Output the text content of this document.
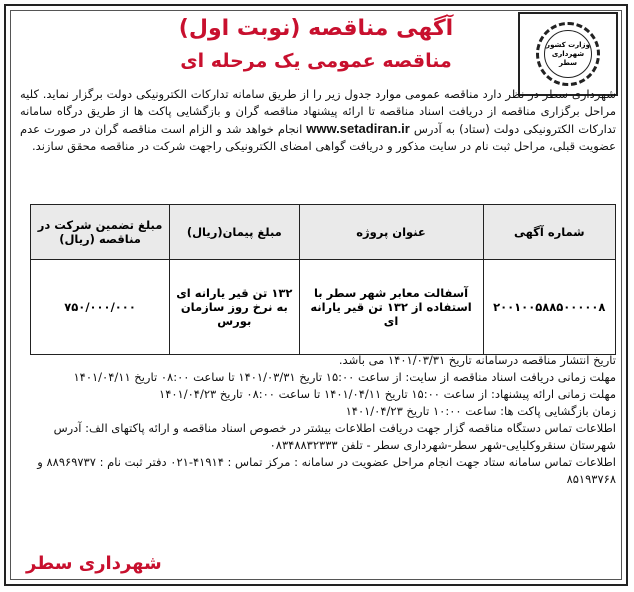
وزارت کشور
شهرداری سطر
آگهی مناقصه (نوبت اول)
مناقصه عمومی یک مرحله ای

شهرداری سطر در نظر دارد مناقصه عمومی موارد جدول زیر را از طریق سامانه تدارکات الکترونیکی دولت برگزار نماید. کلیه مراحل برگزاری مناقصه از دریافت اسناد مناقصه تا ارائه پیشنهاد مناقصه گران و بازگشایی پاکت ها از طریق درگاه سامانه تدارکات الکترونیکی دولت (ستاد) به آدرس www.setadiran.ir انجام خواهد شد و الزام است مناقصه گران در صورت عدم عضویت قبلی، مراحل ثبت نام در سایت مذکور و دریافت گواهی امضای الکترونیکی راجهت شرکت در مناقصه محقق سازند.

شماره آگهی	عنوان پروژه	مبلغ پیمان(ریال)	مبلغ تضمین شرکت در مناقصه (ریال)
۲۰۰۱۰۰۵۸۸۵۰۰۰۰۰۸	آسفالت معابر شهر سطر با استفاده از ۱۳۲ تن قیر یارانه ای	۱۳۲ تن قیر یارانه ای به نرخ روز سازمان بورس	۷۵۰/۰۰۰/۰۰۰
تاریخ انتشار مناقصه درسامانه تاریخ ۱۴۰۱/۰۳/۳۱ می باشد.
مهلت زمانی دریافت اسناد مناقصه از سایت: از ساعت ۱۵:۰۰ تاریخ ۱۴۰۱/۰۳/۳۱ تا ساعت ۰۸:۰۰ تاریخ ۱۴۰۱/۰۴/۱۱
مهلت زمانی ارائه پیشنهاد: از ساعت ۱۵:۰۰ تاریخ ۱۴۰۱/۰۴/۱۱ تا ساعت ۰۸:۰۰ تاریخ ۱۴۰۱/۰۴/۲۳
زمان بازگشایی پاکت ها: ساعت ۱۰:۰۰ تاریخ ۱۴۰۱/۰۴/۲۳
اطلاعات تماس دستگاه مناقصه گزار جهت دریافت اطلاعات بیشتر در خصوص اسناد مناقصه و ارائه پاکتهای الف: آدرس شهرستان سنقروکلیایی-شهر سطر-شهرداری سطر - تلفن ۰۸۳۴۸۸۳۲۳۳۳
اطلاعات تماس سامانه ستاد جهت انجام مراحل عضویت در سامانه : مرکز تماس : ۴۱۹۱۴-۰۲۱ دفتر ثبت نام : ۸۸۹۶۹۷۳۷ و ۸۵۱۹۳۷۶۸

شهرداری سطر
